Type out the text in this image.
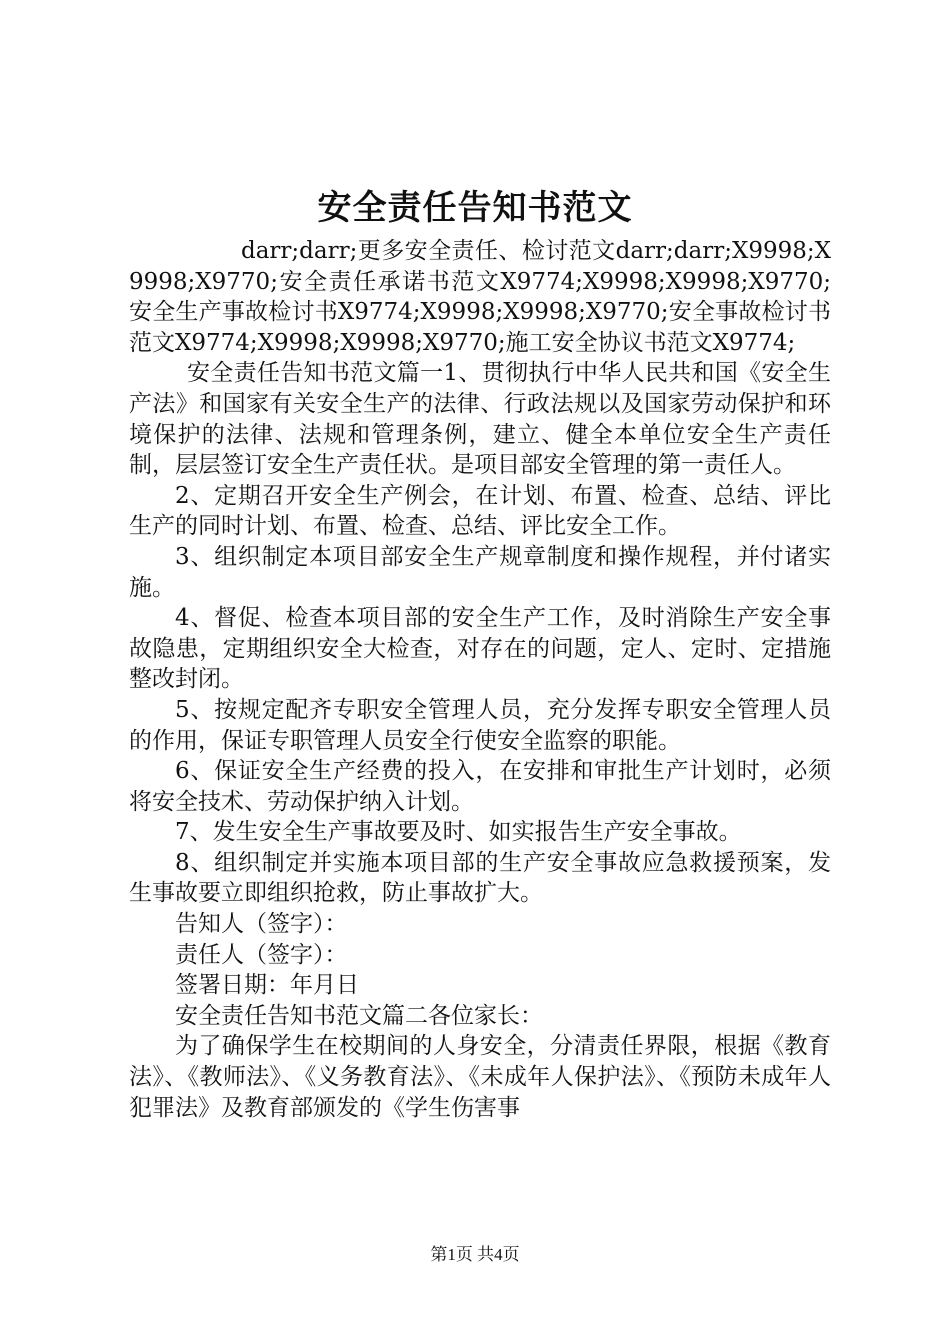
安全责任告知书范文

darr;darr;更多安全责任、检讨范文darr;darr;X9998;X9998;X9770;安全责任承诺书范文X9774;X9998;X9998;X9770;安全生产事故检讨书X9774;X9998;X9998;X9770;安全事故检讨书范文X9774;X9998;X9998;X9770;施工安全协议书范文X9774;

安全责任告知书范文篇一1、贯彻执行中华人民共和国《安全生产法》和国家有关安全生产的法律、行政法规以及国家劳动保护和环境保护的法律、法规和管理条例，建立、健全本单位安全生产责任制，层层签订安全生产责任状。是项目部安全管理的第一责任人。

2、定期召开安全生产例会，在计划、布置、检查、总结、评比生产的同时计划、布置、检查、总结、评比安全工作。

3、组织制定本项目部安全生产规章制度和操作规程，并付诸实施。

4、督促、检查本项目部的安全生产工作，及时消除生产安全事故隐患，定期组织安全大检查，对存在的问题，定人、定时、定措施整改封闭。

5、按规定配齐专职安全管理人员，充分发挥专职安全管理人员的作用，保证专职管理人员安全行使安全监察的职能。

6、保证安全生产经费的投入，在安排和审批生产计划时，必须将安全技术、劳动保护纳入计划。

7、发生安全生产事故要及时、如实报告生产安全事故。

8、组织制定并实施本项目部的生产安全事故应急救援预案，发生事故要立即组织抢救，防止事故扩大。

告知人（签字）：

责任人（签字）：

签署日期：年月日

安全责任告知书范文篇二各位家长：

为了确保学生在校期间的人身安全，分清责任界限，根据《教育法》、《教师法》、《义务教育法》、《未成年人保护法》、《预防未成年人犯罪法》及教育部颁发的《学生伤害事

第1页 共4页
